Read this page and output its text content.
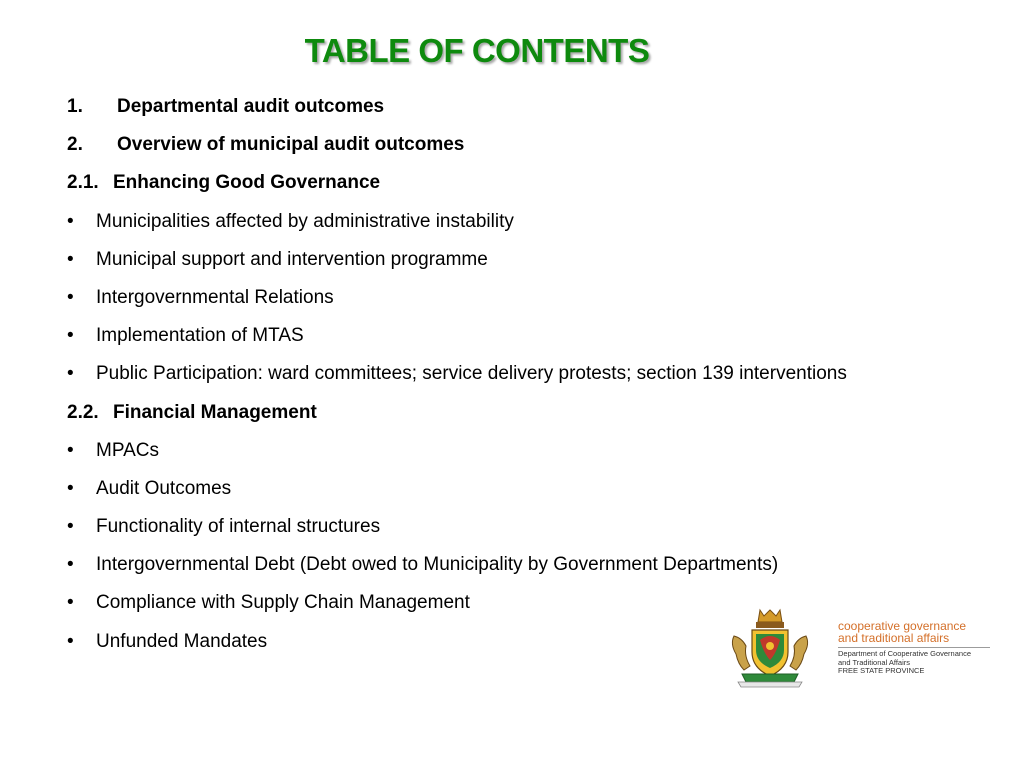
TABLE OF CONTENTS
1. Departmental audit outcomes
2. Overview of municipal audit outcomes
2.1. Enhancing Good Governance
• Municipalities affected by administrative instability
• Municipal support and intervention programme
• Intergovernmental Relations
• Implementation of MTAS
• Public Participation: ward committees; service delivery protests; section 139 interventions
2.2. Financial Management
• MPACs
• Audit Outcomes
• Functionality of internal structures
• Intergovernmental Debt (Debt owed to Municipality by Government Departments)
• Compliance with Supply Chain Management
• Unfunded Mandates
cooperative governance
and traditional affairs
Department of Cooperative Governance
and Traditional Affairs
FREE STATE PROVINCE
